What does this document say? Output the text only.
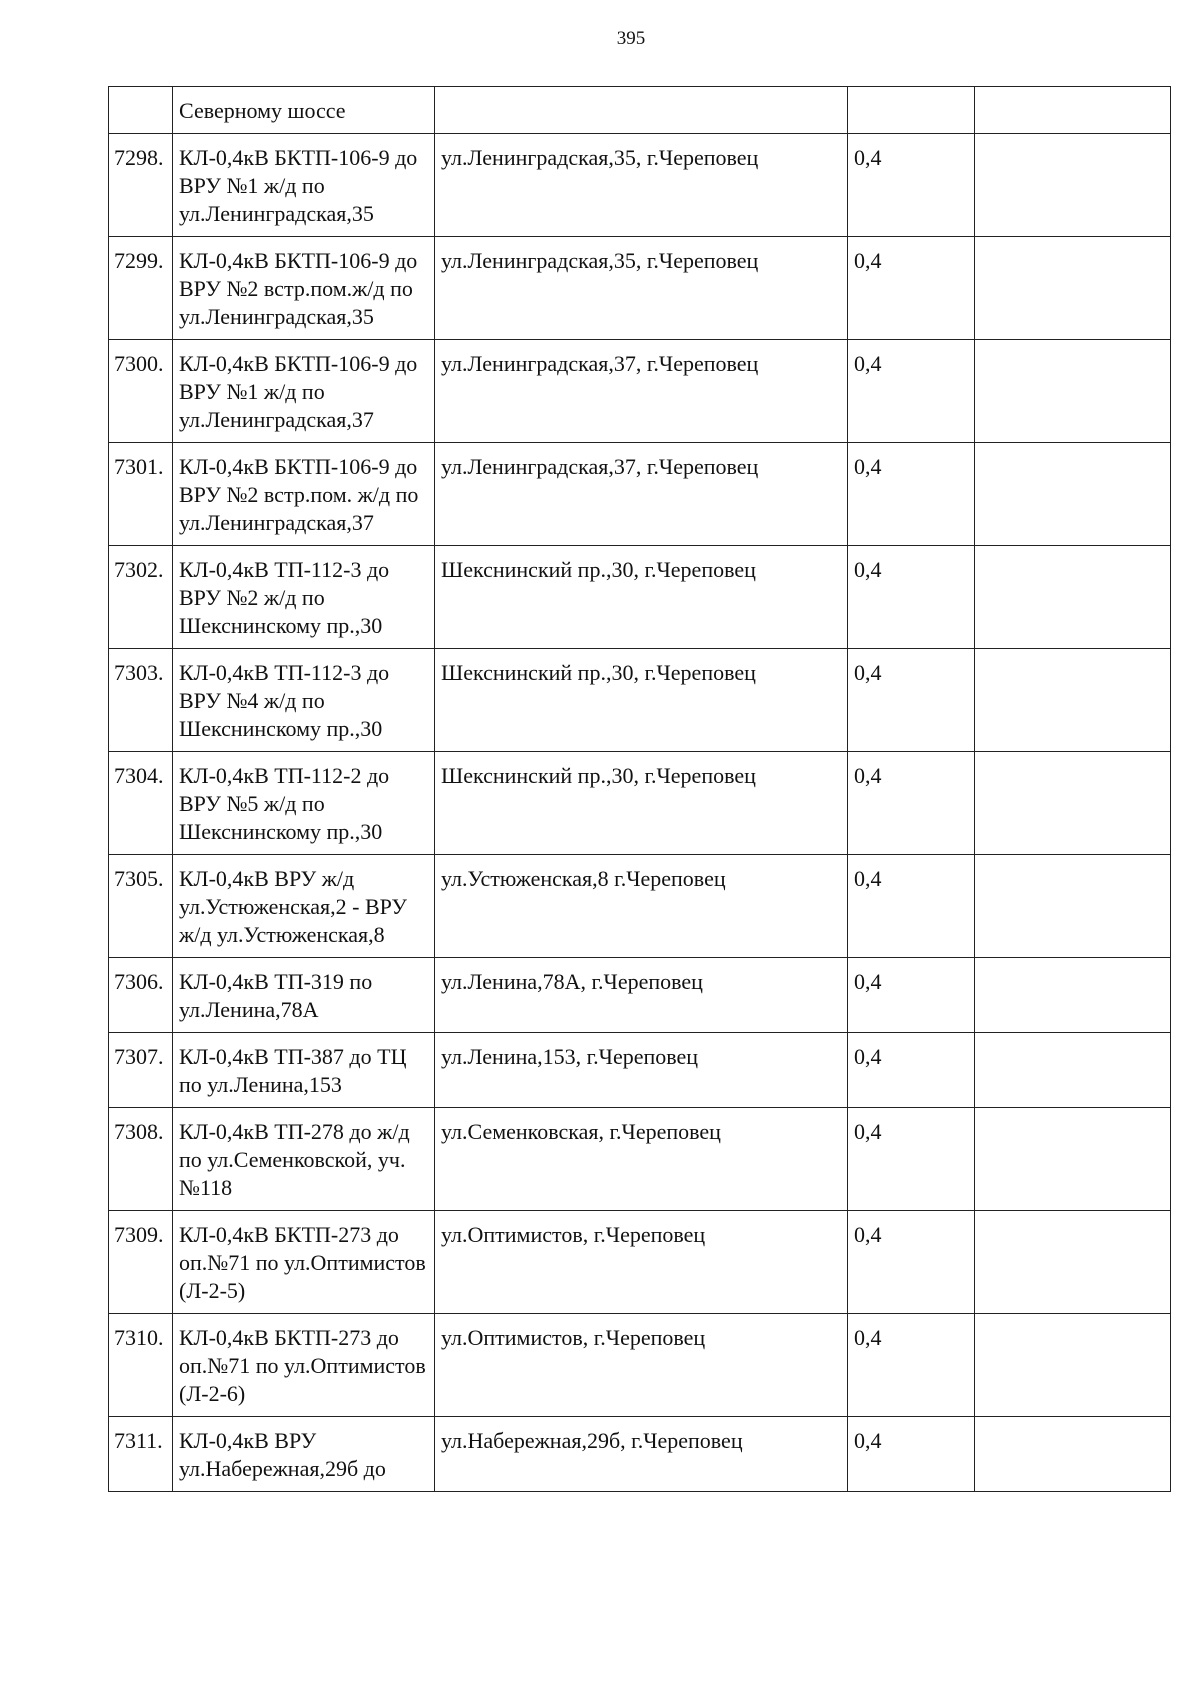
395
	Северному шоссе			
7298.	КЛ-0,4кВ БКТП-106-9 до ВРУ №1 ж/д по ул.Ленинградская,35	ул.Ленинградская,35, г.Череповец	0,4	
7299.	КЛ-0,4кВ БКТП-106-9 до ВРУ №2 встр.пом.ж/д по ул.Ленинградская,35	ул.Ленинградская,35, г.Череповец	0,4	
7300.	КЛ-0,4кВ БКТП-106-9 до ВРУ №1 ж/д по ул.Ленинградская,37	ул.Ленинградская,37, г.Череповец	0,4	
7301.	КЛ-0,4кВ БКТП-106-9 до ВРУ №2 встр.пом. ж/д по ул.Ленинградская,37	ул.Ленинградская,37, г.Череповец	0,4	
7302.	КЛ-0,4кВ ТП-112-3 до ВРУ №2 ж/д по Шекснинскому пр.,30	Шекснинский пр.,30, г.Череповец	0,4	
7303.	КЛ-0,4кВ ТП-112-3 до ВРУ №4 ж/д по Шекснинскому пр.,30	Шекснинский пр.,30, г.Череповец	0,4	
7304.	КЛ-0,4кВ ТП-112-2 до ВРУ №5 ж/д по Шекснинскому пр.,30	Шекснинский пр.,30, г.Череповец	0,4	
7305.	КЛ-0,4кВ ВРУ ж/д ул.Устюженская,2 - ВРУ ж/д ул.Устюженская,8	ул.Устюженская,8 г.Череповец	0,4	
7306.	КЛ-0,4кВ ТП-319 по ул.Ленина,78А	ул.Ленина,78А, г.Череповец	0,4	
7307.	КЛ-0,4кВ ТП-387 до ТЦ по ул.Ленина,153	ул.Ленина,153, г.Череповец	0,4	
7308.	КЛ-0,4кВ ТП-278 до ж/д по ул.Семенковской, уч. №118	ул.Семенковская, г.Череповец	0,4	
7309.	КЛ-0,4кВ БКТП-273 до оп.№71 по ул.Оптимистов (Л-2-5)	ул.Оптимистов, г.Череповец	0,4	
7310.	КЛ-0,4кВ БКТП-273 до оп.№71 по ул.Оптимистов (Л-2-6)	ул.Оптимистов, г.Череповец	0,4	
7311.	КЛ-0,4кВ ВРУ ул.Набережная,29б до	ул.Набережная,29б, г.Череповец	0,4	
